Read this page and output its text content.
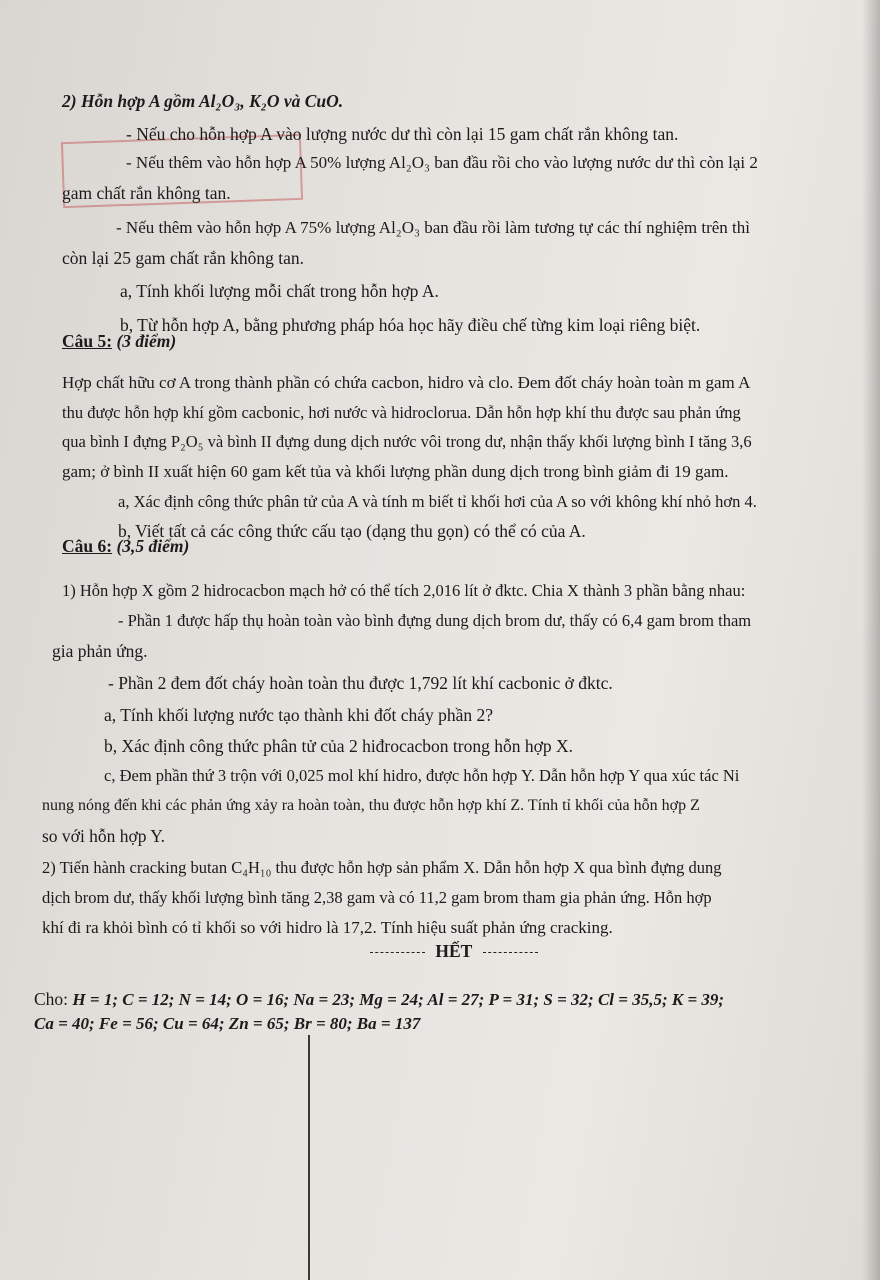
2) Hỗn hợp A gồm Al₂O₃, K₂O và CuO.
- Nếu cho hỗn hợp A vào lượng nước dư thì còn lại 15 gam chất rắn không tan.
- Nếu thêm vào hỗn hợp A 50% lượng Al₂O₃ ban đầu rồi cho vào lượng nước dư thì còn lại 2
gam chất rắn không tan.
- Nếu thêm vào hỗn hợp A 75% lượng Al₂O₃ ban đầu rồi làm tương tự các thí nghiệm trên thì
còn lại 25 gam chất rắn không tan.
a, Tính khối lượng mỗi chất trong hỗn hợp A.
b, Từ hỗn hợp A, bằng phương pháp hóa học hãy điều chế từng kim loại riêng biệt.
Câu 5: (3 điểm)
Hợp chất hữu cơ A trong thành phần có chứa cacbon, hidro và clo. Đem đốt cháy hoàn toàn m gam A
thu được hỗn hợp khí gồm cacbonic, hơi nước và hidroclorua. Dẫn hỗn hợp khí thu được sau phản ứng
qua bình I đựng P₂O₅ và bình II đựng dung dịch nước vôi trong dư, nhận thấy khối lượng bình I tăng 3,6
gam; ở bình II xuất hiện 60 gam kết tủa và khối lượng phần dung dịch trong bình giảm đi 19 gam.
a, Xác định công thức phân tử của A và tính m biết tỉ khối hơi của A so với không khí nhỏ hơn 4.
b, Viết tất cả các công thức cấu tạo (dạng thu gọn) có thể có của A.
Câu 6: (3,5 điểm)
1) Hỗn hợp X gồm 2 hidrocacbon mạch hở có thể tích 2,016 lít ở đktc. Chia X thành 3 phần bằng nhau:
- Phần 1 được hấp thụ hoàn toàn vào bình đựng dung dịch brom dư, thấy có 6,4 gam brom tham
gia phản ứng.
- Phần 2 đem đốt cháy hoàn toàn thu được 1,792 lít khí cacbonic ở đktc.
a, Tính khối lượng nước tạo thành khi đốt cháy phần 2?
b, Xác định công thức phân tử của 2 hiđrocacbon trong hỗn hợp X.
c, Đem phần thứ 3 trộn với 0,025 mol khí hidro, được hỗn hợp Y. Dẫn hỗn hợp Y qua xúc tác Ni
nung nóng đến khi các phản ứng xảy ra hoàn toàn, thu được hỗn hợp khí Z. Tính tỉ khối của hỗn hợp Z
so với hỗn hợp Y.
2) Tiến hành cracking butan C₄H₁₀ thu được hỗn hợp sản phẩm X. Dẫn hỗn hợp X qua bình đựng dung
dịch brom dư, thấy khối lượng bình tăng 2,38 gam và có 11,2 gam brom tham gia phản ứng. Hỗn hợp
khí đi ra khỏi bình có tỉ khối so với hidro là 17,2. Tính hiệu suất phản ứng cracking.
HẾT
Cho: H = 1; C = 12; N = 14; O = 16; Na = 23; Mg = 24; Al = 27; P = 31; S = 32; Cl = 35,5; K = 39;
Ca = 40; Fe = 56; Cu = 64; Zn = 65; Br = 80; Ba = 137
